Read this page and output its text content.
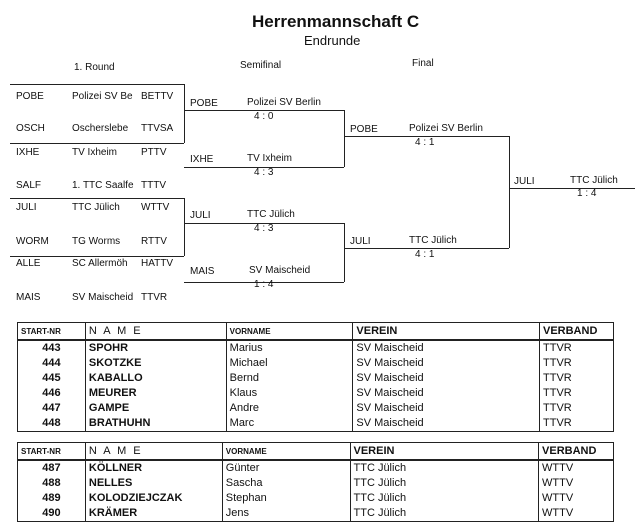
Herrenmannschaft C
Endrunde
1. Round	Semifinal	Final
POBE	Polizei SV Be BETTV
OSCH	Oscherslebe TTVSA
IXHE	TV Ixheim PTTV
SALF	1. TTC Saalfe TTTV
JULI	TTC Jülich WTTV
WORM TG Worms RTTV
ALLE	SC Allermöh HATTV
MAIS	SV Maischeid TTVR
POBE	Polizei SV Berlin
4 : 0
IXHE	TV Ixheim
4 : 3
JULI	TTC Jülich
4 : 3
MAIS	SV Maischeid
1 : 4
POBE	Polizei SV Berlin
4 : 1
JULI	TTC Jülich
4 : 1
JULI	TTC Jülich
1 : 4
START-NR	N A M E	VORNAME	VEREIN	VERBAND
443	SPOHR	Marius	SV Maischeid	TTVR
444	SKOTZKE	Michael	SV Maischeid	TTVR
445	KABALLO	Bernd	SV Maischeid	TTVR
446	MEURER	Klaus	SV Maischeid	TTVR
447	GAMPE	Andre	SV Maischeid	TTVR
448	BRATHUHN	Marc	SV Maischeid	TTVR
START-NR	N A M E	VORNAME	VEREIN	VERBAND
487	KÖLLNER	Günter	TTC Jülich	WTTV
488	NELLES	Sascha	TTC Jülich	WTTV
489	KOLODZIEJCZAK	Stephan	TTC Jülich	WTTV
490	KRÄMER	Jens	TTC Jülich	WTTV
